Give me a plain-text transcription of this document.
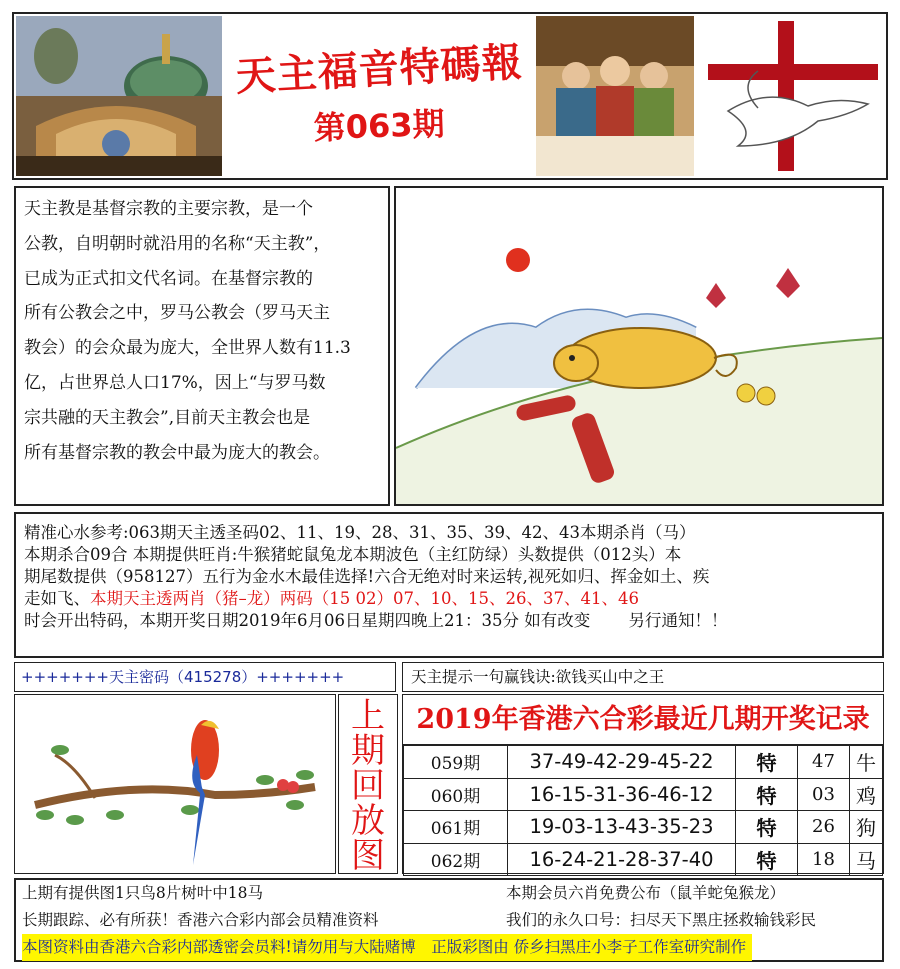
天主福音特碼報
第063期
天主教是基督宗教的主要宗教，是一个
公教，自明朝时就沿用的名称“天主教”，
已成为正式扣文代名词。在基督宗教的
所有公教会之中，罗马公教会（罗马天主
教会）的会众最为庞大，全世界人数有11.3
亿，占世界总人口17%，因上“与罗马数
宗共融的天主教会”,目前天主教会也是
所有基督宗教的教会中最为庞大的教会。

精准心水参考:063期天主透圣码02、11、19、28、31、35、39、42、43本期杀肖（马）

本期杀合09合 本期提供旺肖:牛猴猪蛇鼠兔龙本期波色（主红防绿）头数提供（012头）本

期尾数提供（958127）五行为金水木最佳选择!六合无绝对时来运转,视死如归、挥金如土、疾

走如飞、本期天主透两肖（猪–龙）两码（15 02）07、10、15、26、37、41、46

时会开出特码，本期开奖日期2019年6月06日星期四晚上21：35分 如有改变　　 另行通知！！

+++++++天主密码（415278）+++++++	天主提示一句赢钱诀:欲钱买山中之王
上
期
回
放
图
2019年香港六合彩最近几期开奖记录
059期	37-49-42-29-45-22	特	47	牛
060期	16-15-31-36-46-12	特	03	鸡
061期	19-03-13-43-35-23	特	26	狗
062期	16-24-21-28-37-40	特	18	马

上期有提供图1只鸟8片树叶中18马	本期会员六肖免费公布（鼠羊蛇兔猴龙）

长期跟踪、必有所获！香港六合彩内部会员精准资料	我们的永久口号：扫尽天下黑庄拯救输钱彩民

本图资料由香港六合彩内部透密会员料!请勿用与大陆赌博　正版彩图由 侨乡扫黑庄小李子工作室研究制作
